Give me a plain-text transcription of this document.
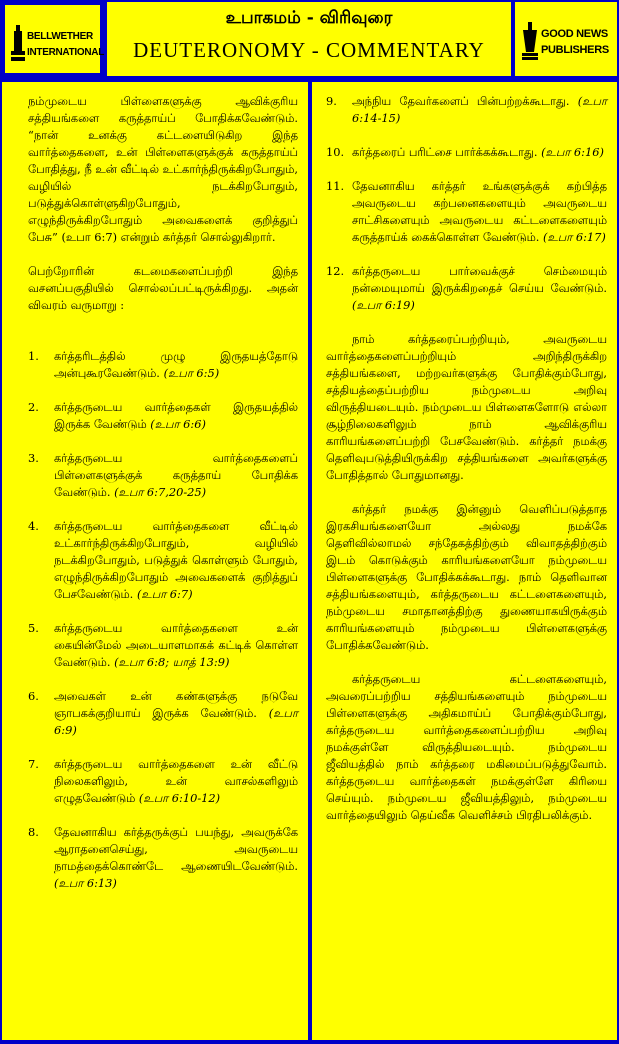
BELLWETHER
INTERNATIONAL
உபாகமம் - விரிவுரை
DEUTERONOMY - COMMENTARY
GOOD NEWS
PUBLISHERS

நம்முடைய பிள்ளைகளுக்கு ஆவிக்குரிய சத்தியங்களை கருத்தாய்ப் போதிக்கவேண்டும். “நான் உனக்கு கட்டளையிடுகிற இந்த வார்த்தைகளை, உன் பிள்ளைகளுக்குக் கருத்தாய்ப் போதித்து, நீ உன் வீட்டில் உட்கார்ந்திருக்கிறபோதும், வழியில் நடக்கிறபோதும், படுத்துக்கொள்ளுகிறபோதும், எழுந்திருக்கிறபோதும் அவைகளைக் குறித்துப் பேசு” (உபா 6:7) என்றும் கர்த்தர் சொல்லுகிறார்.

பெற்றோரின் கடமைகளைப்பற்றி இந்த வசனப்பகுதியில் சொல்லப்பட்டிருக்கிறது. அதன் விவரம் வருமாறு :

1. கர்த்தரிடத்தில் முழு இருதயத்தோடு அன்புகூரவேண்டும். (உபா 6:5)

2. கர்த்தருடைய வார்த்தைகள் இருதயத்தில் இருக்க வேண்டும் (உபா 6:6)

3. கர்த்தருடைய வார்த்தைகளைப் பிள்ளைகளுக்குக் கருத்தாய் போதிக்க வேண்டும். (உபா 6:7,20-25)

4. கர்த்தருடைய வார்த்தைகளை வீட்டில் உட்கார்ந்திருக்கிறபோதும், வழியில் நடக்கிறபோதும், படுத்துக் கொள்ளும் போதும், எழுந்திருக்கிறபோதும் அவைகளைக் குறித்துப் பேசவேண்டும். (உபா 6:7)

5. கர்த்தருடைய வார்த்தைகளை உன் கையின்மேல் அடையாளமாகக் கட்டிக் கொள்ள வேண்டும். (உபா 6:8; யாத் 13:9)

6. அவைகள் உன் கண்களுக்கு நடுவே ஞாபகக்குறியாய் இருக்க வேண்டும். (உபா 6:9)

7. கர்த்தருடைய வார்த்தைகளை உன் வீட்டு நிலைகளிலும், உன் வாசல்களிலும் எழுதவேண்டும் (உபா 6:10-12)

8. தேவனாகிய கர்த்தருக்குப் பயந்து, அவருக்கே ஆராதனைசெய்து, அவருடைய நாமத்தைக்கொண்டே ஆணையிடவேண்டும். (உபா 6:13)

9. அந்நிய தேவர்களைப் பின்பற்றக்கூடாது. (உபா 6:14-15)

10. கர்த்தரைப் பரிட்சை பார்க்கக்கூடாது. (உபா 6:16)

11. தேவனாகிய கர்த்தர் உங்களுக்குக் கற்பித்த அவருடைய கற்பனைகளையும் அவருடைய சாட்சிகளையும் அவருடைய கட்டளைகளையும் கருத்தாய்க் கைக்கொள்ள வேண்டும். (உபா 6:17)

12. கர்த்தருடைய பார்வைக்குச் செம்மையும் நன்மையுமாய் இருக்கிறதைச் செய்ய வேண்டும். (உபா 6:19)

நாம் கர்த்தரைப்பற்றியும், அவருடைய வார்த்தைகளைப்பற்றியும் அறிந்திருக்கிற சத்தியங்களை, மற்றவர்களுக்கு போதிக்கும்போது, சத்தியத்தைப்பற்றிய நம்முடைய அறிவு விருத்தியடையும். நம்முடைய பிள்ளைகளோடு எல்லா சூழ்நிலைகளிலும் நாம் ஆவிக்குரிய காரியங்களைப்பற்றி பேசவேண்டும். கர்த்தர் நமக்கு தெளிவுபடுத்தியிருக்கிற சத்தியங்களை அவர்களுக்கு போதித்தால் போதுமானது.

கர்த்தர் நமக்கு இன்னும் வெளிப்படுத்தாத இரகசியங்களையோ அல்லது நமக்கே தெளிவில்லாமல் சந்தேகத்திற்கும் விவாதத்திற்கும் இடம் கொடுக்கும் காரியங்களையோ நம்முடைய பிள்ளைகளுக்கு போதிக்கக்கூடாது. நாம் தெளிவான சத்தியங்களையும், கர்த்தருடைய கட்டளைகளையும், நம்முடைய சமாதானத்திற்கு துணையாகயிருக்கும் காரியங்களையும் நம்முடைய பிள்ளைகளுக்கு போதிக்கவேண்டும்.

கர்த்தருடைய கட்டளைகளையும், அவரைப்பற்றிய சத்தியங்களையும் நம்முடைய பிள்ளைகளுக்கு அதிகமாய்ப் போதிக்கும்போது, கர்த்தருடைய வார்த்தைகளைப்பற்றிய அறிவு நமக்குள்ளே விருத்தியடையும். நம்முடைய ஜீவியத்தில் நாம் கர்த்தரை மகிமைப்படுத்துவோம். கர்த்தருடைய வார்த்தைகள் நமக்குள்ளே கிரியை செய்யும். நம்முடைய ஜீவியத்திலும், நம்முடைய வார்த்தையிலும் தெய்வீக வெளிச்சம் பிரதிபலிக்கும்.
